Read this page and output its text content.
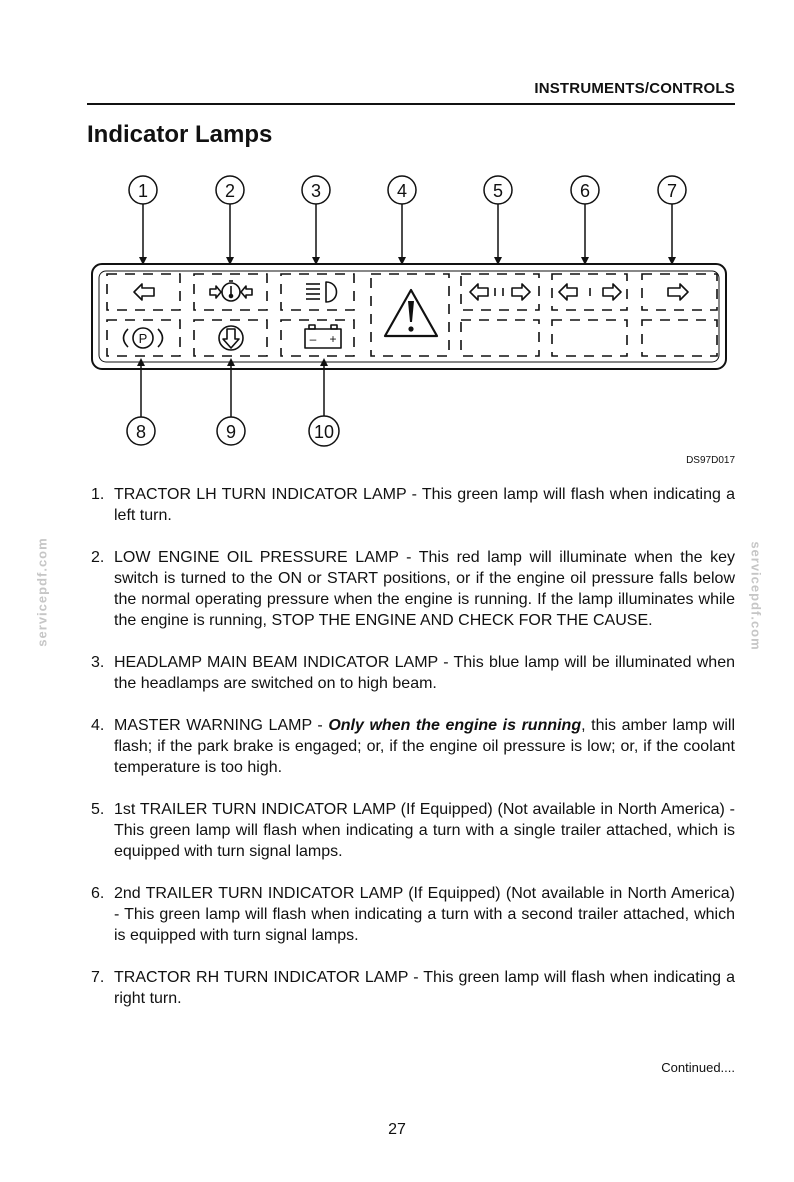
INSTRUMENTS/CONTROLS
Indicator Lamps
P	– +
1	2	3	4	5	6	7
8	9	10
DS97D017
1. TRACTOR LH TURN INDICATOR LAMP - This green lamp will flash when indicating a left turn.
2. LOW ENGINE OIL PRESSURE LAMP - This red lamp will illuminate when the key switch is turned to the ON or START positions, or if the engine oil pressure falls below the normal operating pressure when the engine is running. If the lamp illuminates while the engine is running, STOP THE ENGINE AND CHECK FOR THE CAUSE.
3. HEADLAMP MAIN BEAM INDICATOR LAMP - This blue lamp will be illuminated when the headlamps are switched on to high beam.
4. MASTER WARNING LAMP - Only when the engine is running, this amber lamp will flash; if the park brake is engaged; or, if the engine oil pressure is low; or, if the coolant temperature is too high.
5. 1st TRAILER TURN INDICATOR LAMP (If Equipped) (Not available in North America) - This green lamp will flash when indicating a turn with a single trailer attached, which is equipped with turn signal lamps.
6. 2nd TRAILER TURN INDICATOR LAMP (If Equipped) (Not available in North America) - This green lamp will flash when indicating a turn with a second trailer attached, which is equipped with turn signal lamps.
7. TRACTOR RH TURN INDICATOR LAMP - This green lamp will flash when indicating a right turn.
Continued....
27
servicepdf.com	servicepdf.com
